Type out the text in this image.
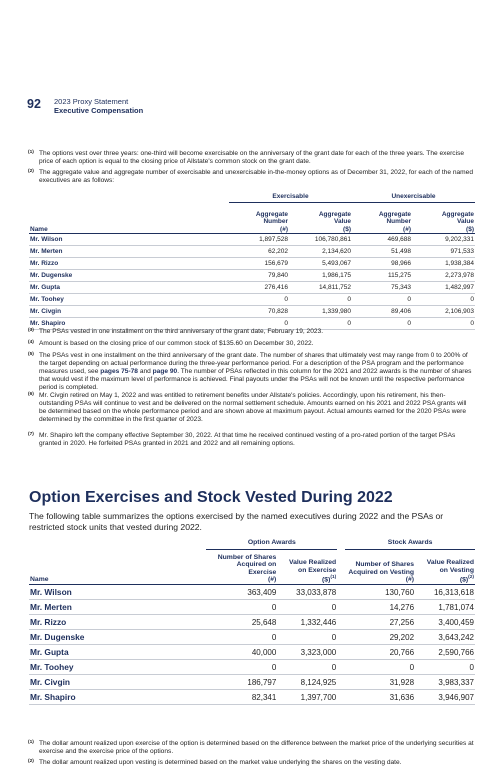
92 2023 Proxy Statement
Executive Compensation
(1) The options vest over three years: one-third will become exercisable on the anniversary of the grant date for each of the three years. The exercise price of each option is equal to the closing price of Allstate's common stock on the grant date.
(2) The aggregate value and aggregate number of exercisable and unexercisable in-the-money options as of December 31, 2022, for each of the named executives are as follows:
	Exercisable		Unexercisable	
Name	Aggregate
Number
(#)	Aggregate
Value
($)	Aggregate
Number
(#)	Aggregate
Value
($)
Mr. Wilson	1,897,528	106,780,861	469,688	9,202,331
Mr. Merten	62,202	2,134,620	51,498	971,533
Mr. Rizzo	156,679	5,493,067	98,966	1,938,384
Mr. Dugenske	79,840	1,986,175	115,275	2,273,978
Mr. Gupta	276,416	14,811,752	75,343	1,482,997
Mr. Toohey	0	0	0	0
Mr. Civgin	70,828	1,339,980	89,406	2,106,903
Mr. Shapiro	0	0	0	0
(3) The PSAs vested in one installment on the third anniversary of the grant date, February 19, 2023.
(4) Amount is based on the closing price of our common stock of $135.60 on December 30, 2022.
(5) The PSAs vest in one installment on the third anniversary of the grant date. The number of shares that ultimately vest may range from 0 to 200% of the target depending on actual performance during the three-year performance period. For a description of the PSA program and the performance measures used, see pages 75-78 and page 90. The number of PSAs reflected in this column for the 2021 and 2022 awards is the number of shares that would vest if the maximum level of performance is achieved. Final payouts under the PSAs will not be known until the respective performance period is completed.
(6) Mr. Civgin retired on May 1, 2022 and was entitled to retirement benefits under Allstate's policies. Accordingly, upon his retirement, his then-outstanding PSAs will continue to vest and be delivered on the normal settlement schedule. Amounts earned on his 2021 and 2022 PSA grants will be determined based on the whole performance period and are shown above at maximum payout. Actual amounts earned for the 2020 PSAs were determined by the committee in the first quarter of 2023.
(7) Mr. Shapiro left the company effective September 30, 2022. At that time he received continued vesting of a pro-rated portion of the target PSAs granted in 2020. He forfeited PSAs granted in 2021 and 2022 and all remaining options.
Option Exercises and Stock Vested During 2022
The following table summarizes the options exercised by the named executives during 2022 and the PSAs or restricted stock units that vested during 2022.
	Option Awards			Stock Awards	
Name	Number of Shares
Acquired on Exercise
(#)	Value Realized
on Exercise
($)$^{(1)}$		Number of Shares
Acquired on Vesting
(#)	Value Realized
on Vesting
($)$^{(2)}$
Mr. Wilson	363,409	33,033,878		130,760	16,313,618
Mr. Merten	0	0		14,276	1,781,074
Mr. Rizzo	25,648	1,332,446		27,256	3,400,459
Mr. Dugenske	0	0		29,202	3,643,242
Mr. Gupta	40,000	3,323,000		20,766	2,590,766
Mr. Toohey	0	0		0	0
Mr. Civgin	186,797	8,124,925		31,928	3,983,337
Mr. Shapiro	82,341	1,397,700		31,636	3,946,907
(1) The dollar amount realized upon exercise of the option is determined based on the difference between the market price of the underlying securities at exercise and the exercise price of the options.
(2) The dollar amount realized upon vesting is determined based on the market value underlying the shares on the vesting date.
